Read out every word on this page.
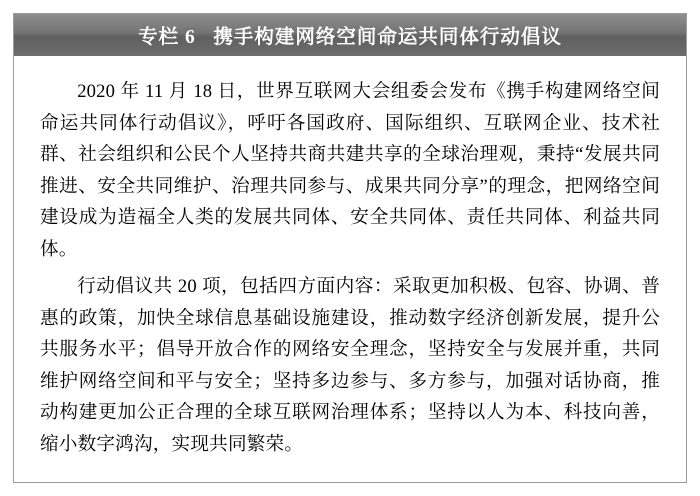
专栏 6   携手构建网络空间命运共同体行动倡议

2020 年 11 月 18 日，世界互联网大会组委会发布《携手构建网络空间命运共同体行动倡议》，呼吁各国政府、国际组织、互联网企业、技术社群、社会组织和公民个人坚持共商共建共享的全球治理观，秉持“发展共同推进、安全共同维护、治理共同参与、成果共同分享”的理念，把网络空间建设成为造福全人类的发展共同体、安全共同体、责任共同体、利益共同体。

行动倡议共 20 项，包括四方面内容：采取更加积极、包容、协调、普惠的政策，加快全球信息基础设施建设，推动数字经济创新发展，提升公共服务水平；倡导开放合作的网络安全理念，坚持安全与发展并重，共同维护网络空间和平与安全；坚持多边参与、多方参与，加强对话协商，推动构建更加公正合理的全球互联网治理体系；坚持以人为本、科技向善，缩小数字鸿沟，实现共同繁荣。
